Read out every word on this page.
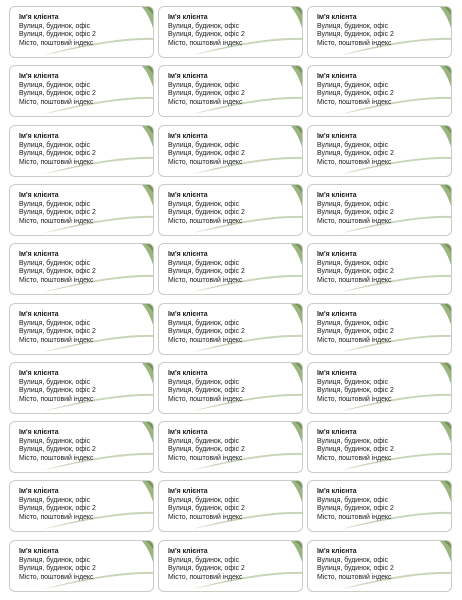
Ім'я клієнта
Вулиця, будинок, офіс
Вулиця, будинок, офіс 2
Місто, поштовий індекс
Ім'я клієнта
Вулиця, будинок, офіс
Вулиця, будинок, офіс 2
Місто, поштовий індекс
Ім'я клієнта
Вулиця, будинок, офіс
Вулиця, будинок, офіс 2
Місто, поштовий індекс
Ім'я клієнта
Вулиця, будинок, офіс
Вулиця, будинок, офіс 2
Місто, поштовий індекс
Ім'я клієнта
Вулиця, будинок, офіс
Вулиця, будинок, офіс 2
Місто, поштовий індекс
Ім'я клієнта
Вулиця, будинок, офіс
Вулиця, будинок, офіс 2
Місто, поштовий індекс
Ім'я клієнта
Вулиця, будинок, офіс
Вулиця, будинок, офіс 2
Місто, поштовий індекс
Ім'я клієнта
Вулиця, будинок, офіс
Вулиця, будинок, офіс 2
Місто, поштовий індекс
Ім'я клієнта
Вулиця, будинок, офіс
Вулиця, будинок, офіс 2
Місто, поштовий індекс
Ім'я клієнта
Вулиця, будинок, офіс
Вулиця, будинок, офіс 2
Місто, поштовий індекс
Ім'я клієнта
Вулиця, будинок, офіс
Вулиця, будинок, офіс 2
Місто, поштовий індекс
Ім'я клієнта
Вулиця, будинок, офіс
Вулиця, будинок, офіс 2
Місто, поштовий індекс
Ім'я клієнта
Вулиця, будинок, офіс
Вулиця, будинок, офіс 2
Місто, поштовий індекс
Ім'я клієнта
Вулиця, будинок, офіс
Вулиця, будинок, офіс 2
Місто, поштовий індекс
Ім'я клієнта
Вулиця, будинок, офіс
Вулиця, будинок, офіс 2
Місто, поштовий індекс
Ім'я клієнта
Вулиця, будинок, офіс
Вулиця, будинок, офіс 2
Місто, поштовий індекс
Ім'я клієнта
Вулиця, будинок, офіс
Вулиця, будинок, офіс 2
Місто, поштовий індекс
Ім'я клієнта
Вулиця, будинок, офіс
Вулиця, будинок, офіс 2
Місто, поштовий індекс
Ім'я клієнта
Вулиця, будинок, офіс
Вулиця, будинок, офіс 2
Місто, поштовий індекс
Ім'я клієнта
Вулиця, будинок, офіс
Вулиця, будинок, офіс 2
Місто, поштовий індекс
Ім'я клієнта
Вулиця, будинок, офіс
Вулиця, будинок, офіс 2
Місто, поштовий індекс
Ім'я клієнта
Вулиця, будинок, офіс
Вулиця, будинок, офіс 2
Місто, поштовий індекс
Ім'я клієнта
Вулиця, будинок, офіс
Вулиця, будинок, офіс 2
Місто, поштовий індекс
Ім'я клієнта
Вулиця, будинок, офіс
Вулиця, будинок, офіс 2
Місто, поштовий індекс
Ім'я клієнта
Вулиця, будинок, офіс
Вулиця, будинок, офіс 2
Місто, поштовий індекс
Ім'я клієнта
Вулиця, будинок, офіс
Вулиця, будинок, офіс 2
Місто, поштовий індекс
Ім'я клієнта
Вулиця, будинок, офіс
Вулиця, будинок, офіс 2
Місто, поштовий індекс
Ім'я клієнта
Вулиця, будинок, офіс
Вулиця, будинок, офіс 2
Місто, поштовий індекс
Ім'я клієнта
Вулиця, будинок, офіс
Вулиця, будинок, офіс 2
Місто, поштовий індекс
Ім'я клієнта
Вулиця, будинок, офіс
Вулиця, будинок, офіс 2
Місто, поштовий індекс
